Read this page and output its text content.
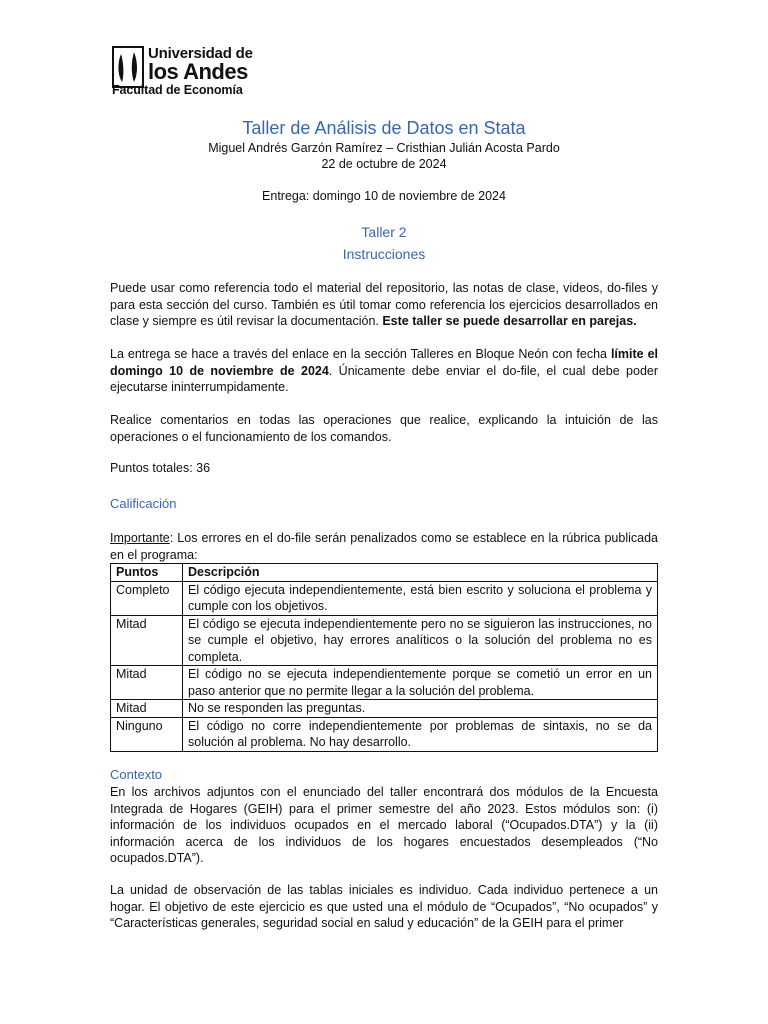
Universidad de
los Andes
Facultad de Economía
Taller de Análisis de Datos en Stata
Miguel Andrés Garzón Ramírez – Cristhian Julián Acosta Pardo
22 de octubre de 2024
Entrega: domingo 10 de noviembre de 2024
Taller 2
Instrucciones
Puede usar como referencia todo el material del repositorio, las notas de clase, videos, do-files y para esta sección del curso. También es útil tomar como referencia los ejercicios desarrollados en clase y siempre es útil revisar la documentación. Este taller se puede desarrollar en parejas.
La entrega se hace a través del enlace en la sección Talleres en Bloque Neón con fecha límite el domingo 10 de noviembre de 2024. Únicamente debe enviar el do-file, el cual debe poder ejecutarse ininterrumpidamente.
Realice comentarios en todas las operaciones que realice, explicando la intuición de las operaciones o el funcionamiento de los comandos.
Puntos totales: 36
Calificación
Importante: Los errores en el do-file serán penalizados como se establece en la rúbrica publicada en el programa:
Puntos	Descripción
Completo	El código ejecuta independientemente, está bien escrito y soluciona el problema y cumple con los objetivos.
Mitad	El código se ejecuta independientemente pero no se siguieron las instrucciones, no se cumple el objetivo, hay errores analíticos o la solución del problema no es completa.
Mitad	El código no se ejecuta independientemente porque se cometió un error en un paso anterior que no permite llegar a la solución del problema.
Mitad	No se responden las preguntas.
Ninguno	El código no corre independientemente por problemas de sintaxis, no se da solución al problema. No hay desarrollo.
Contexto
En los archivos adjuntos con el enunciado del taller encontrará dos módulos de la Encuesta Integrada de Hogares (GEIH) para el primer semestre del año 2023. Estos módulos son: (i) información de los individuos ocupados en el mercado laboral (“Ocupados.DTA”) y la (ii) información acerca de los individuos de los hogares encuestados desempleados (“No ocupados.DTA”).
La unidad de observación de las tablas iniciales es individuo. Cada individuo pertenece a un hogar. El objetivo de este ejercicio es que usted una el módulo de “Ocupados”, “No ocupados” y “Características generales, seguridad social en salud y educación” de la GEIH para el primer
